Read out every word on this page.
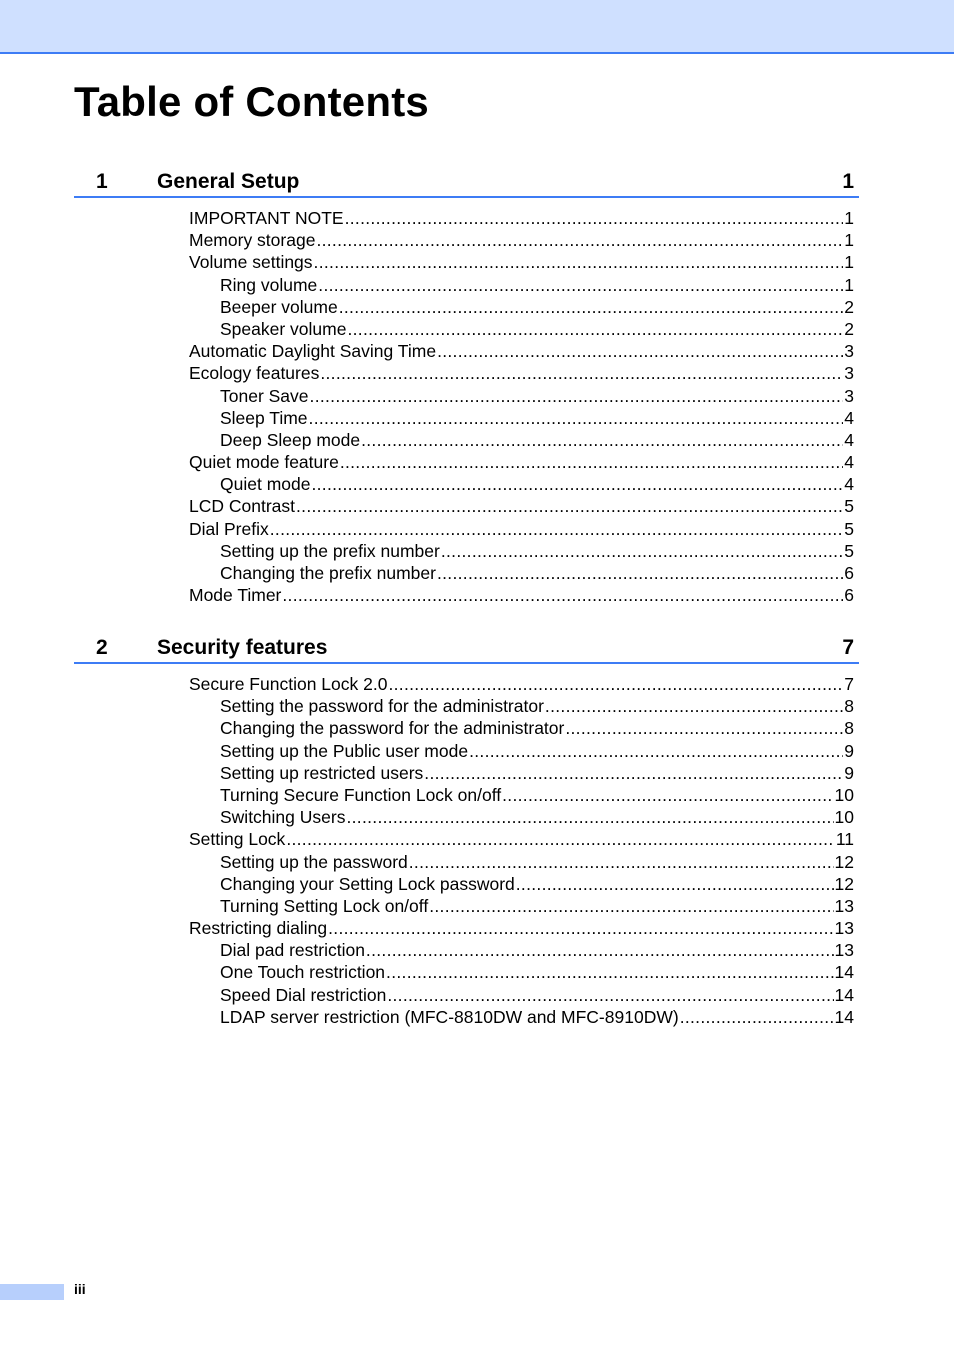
Table of Contents
1 General Setup	1
IMPORTANT NOTE .....	1
Memory storage .....	1
Volume settings .....	1
Ring volume .....	1
Beeper volume .....	2
Speaker volume .....	2
Automatic Daylight Saving Time .....	3
Ecology features .....	3
Toner Save .....	3
Sleep Time .....	4
Deep Sleep mode .....	4
Quiet mode feature .....	4
Quiet mode .....	4
LCD Contrast .....	5
Dial Prefix .....	5
Setting up the prefix number .....	5
Changing the prefix number .....	6
Mode Timer .....	6
2 Security features	7
Secure Function Lock 2.0 .....	7
Setting the password for the administrator .....	8
Changing the password for the administrator .....	8
Setting up the Public user mode .....	9
Setting up restricted users .....	9
Turning Secure Function Lock on/off .....	10
Switching Users .....	10
Setting Lock .....	11
Setting up the password .....	12
Changing your Setting Lock password .....	12
Turning Setting Lock on/off .....	13
Restricting dialing .....	13
Dial pad restriction .....	13
One Touch restriction .....	14
Speed Dial restriction .....	14
LDAP server restriction (MFC-8810DW and MFC-8910DW) .....	14
iii
